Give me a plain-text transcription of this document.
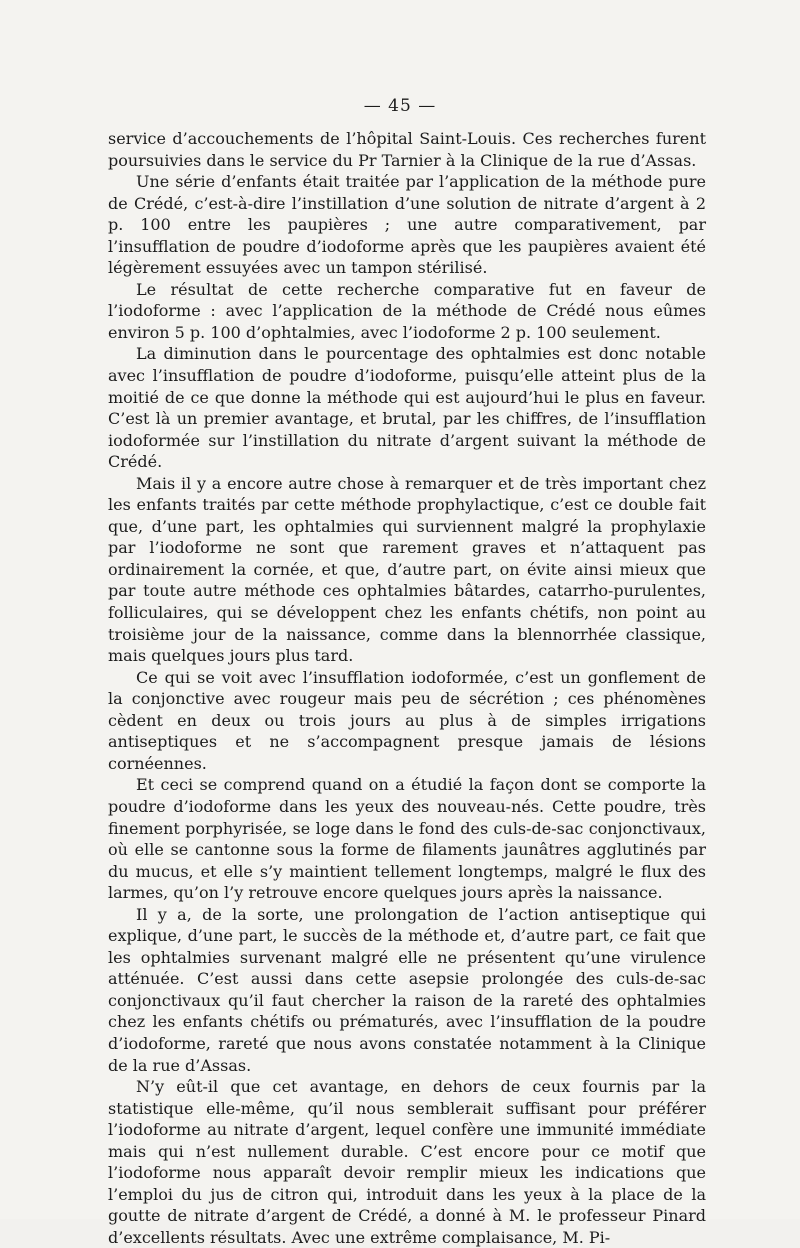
— 45 —

service d’accouchements de l’hôpital Saint-Louis. Ces recherches furent poursuivies dans le service du Pr Tarnier à la Clinique de la rue d’Assas.

Une série d’enfants était traitée par l’application de la méthode pure de Crédé, c’est-à-dire l’instillation d’une solution de nitrate d’argent à 2 p. 100 entre les paupières ; une autre comparativement, par l’insufflation de poudre d’iodoforme après que les paupières avaient été légèrement essuyées avec un tampon stérilisé.

Le résultat de cette recherche comparative fut en faveur de l’iodoforme : avec l’application de la méthode de Crédé nous eûmes environ 5 p. 100 d’ophtalmies, avec l’iodoforme 2 p. 100 seulement.

La diminution dans le pourcentage des ophtalmies est donc notable avec l’insufflation de poudre d’iodoforme, puisqu’elle atteint plus de la moitié de ce que donne la méthode qui est aujourd’hui le plus en faveur. C’est là un premier avantage, et brutal, par les chiffres, de l’insufflation iodoformée sur l’instillation du nitrate d’argent suivant la méthode de Crédé.

Mais il y a encore autre chose à remarquer et de très important chez les enfants traités par cette méthode prophylactique, c’est ce double fait que, d’une part, les ophtalmies qui surviennent malgré la prophylaxie par l’iodoforme ne sont que rarement graves et n’attaquent pas ordinairement la cornée, et que, d’autre part, on évite ainsi mieux que par toute autre méthode ces ophtalmies bâtardes, catarrho-purulentes, folliculaires, qui se développent chez les enfants chétifs, non point au troisième jour de la naissance, comme dans la blennorrhée classique, mais quelques jours plus tard.

Ce qui se voit avec l’insufflation iodoformée, c’est un gonflement de la conjonctive avec rougeur mais peu de sécrétion ; ces phénomènes cèdent en deux ou trois jours au plus à de simples irrigations antiseptiques et ne s’accompagnent presque jamais de lésions cornéennes.

Et ceci se comprend quand on a étudié la façon dont se comporte la poudre d’iodoforme dans les yeux des nouveau-nés. Cette poudre, très finement porphyrisée, se loge dans le fond des culs-de-sac conjonctivaux, où elle se cantonne sous la forme de filaments jaunâtres agglutinés par du mucus, et elle s’y maintient tellement longtemps, malgré le flux des larmes, qu’on l’y retrouve encore quelques jours après la naissance.

Il y a, de la sorte, une prolongation de l’action antiseptique qui explique, d’une part, le succès de la méthode et, d’autre part, ce fait que les ophtalmies survenant malgré elle ne présentent qu’une virulence atténuée. C’est aussi dans cette asepsie prolongée des culs-de-sac conjonctivaux qu’il faut chercher la raison de la rareté des ophtalmies chez les enfants chétifs ou prématurés, avec l’insufflation de la poudre d’iodoforme, rareté que nous avons constatée notamment à la Clinique de la rue d’Assas.

N’y eût-il que cet avantage, en dehors de ceux fournis par la statistique elle-même, qu’il nous semblerait suffisant pour préférer l’iodoforme au nitrate d’argent, lequel confère une immunité immédiate mais qui n’est nullement durable. C’est encore pour ce motif que l’iodoforme nous apparaît devoir remplir mieux les indications que l’emploi du jus de citron qui, introduit dans les yeux à la place de la goutte de nitrate d’argent de Crédé, a donné à M. le professeur Pinard d’excellents résultats. Avec une extrême complaisance, M. Pi-
